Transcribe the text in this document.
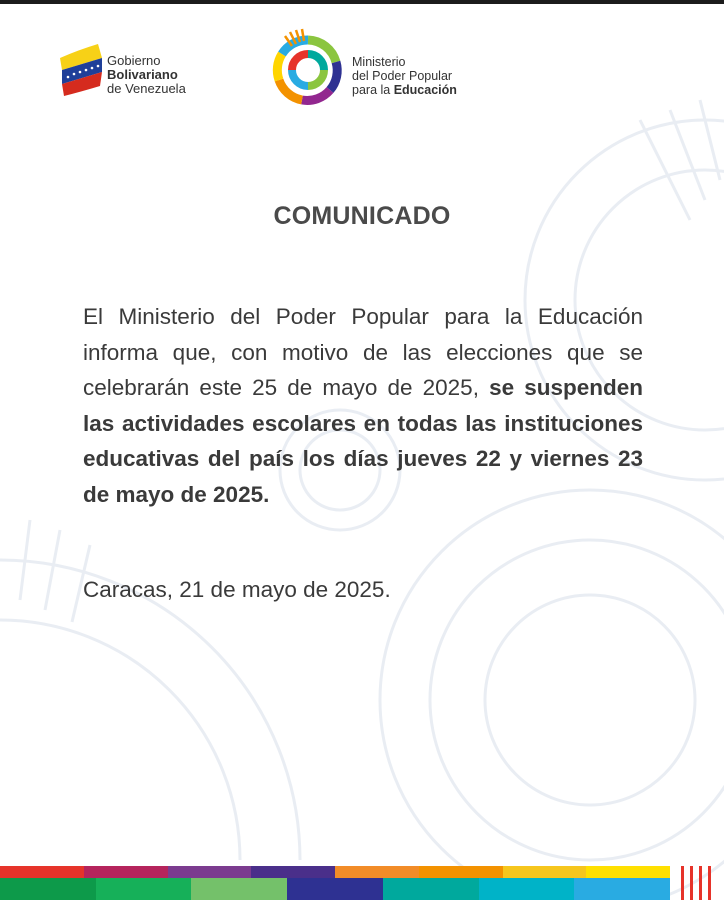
Gobierno
Bolivariano
de Venezuela
Ministerio
del Poder Popular
para la Educación
COMUNICADO
El Ministerio del Poder Popular para la Educación informa que, con motivo de las elecciones que se celebrarán este 25 de mayo de 2025, se suspenden las actividades escolares en todas las instituciones educativas del país los días jueves 22 y viernes 23 de mayo de 2025.
Caracas, 21 de mayo de 2025.
